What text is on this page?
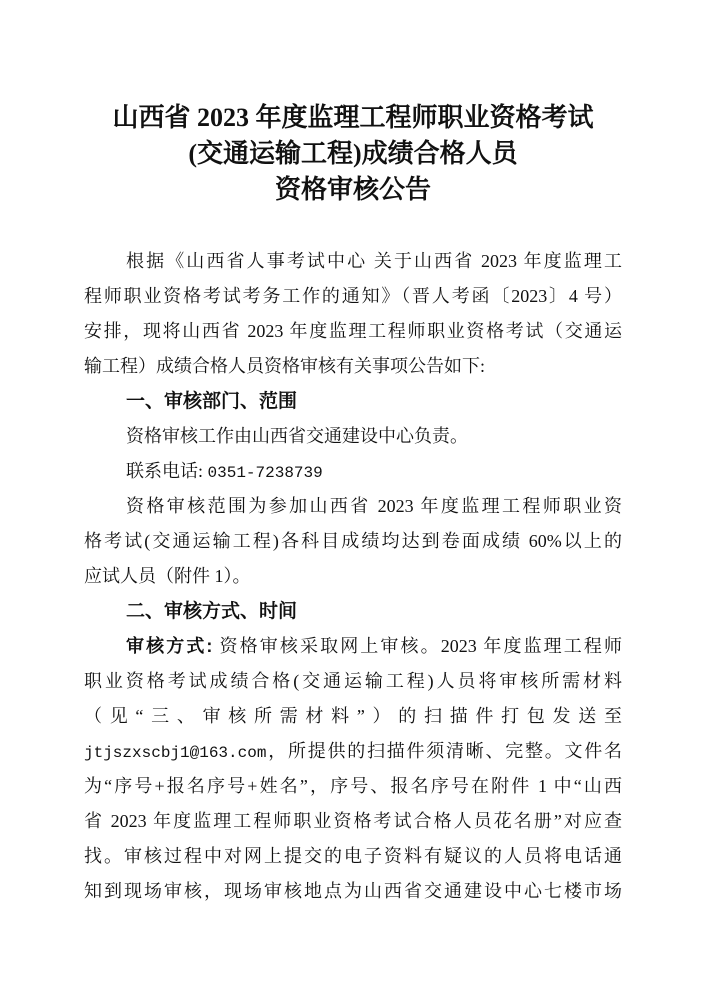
山西省 2023 年度监理工程师职业资格考试
(交通运输工程)成绩合格人员
资格审核公告
根据《山西省人事考试中心 关于山西省 2023 年度监理工
程师职业资格考试考务工作的通知》（晋人考函〔2023〕4 号）
安排，现将山西省 2023 年度监理工程师职业资格考试（交通运
输工程）成绩合格人员资格审核有关事项公告如下:
一、审核部门、范围
资格审核工作由山西省交通建设中心负责。
联系电话: 0351-7238739
资格审核范围为参加山西省 2023 年度监理工程师职业资
格考试(交通运输工程)各科目成绩均达到卷面成绩 60%以上的
应试人员（附件 1）。
二、审核方式、时间
审核方式: 资格审核采取网上审核。2023 年度监理工程师
职业资格考试成绩合格(交通运输工程)人员将审核所需材料
（见“三、审核所需材料”）的扫描件打包发送至
jtjszxscbj1@163.com，所提供的扫描件须清晰、完整。文件名
为“序号+报名序号+姓名”，序号、报名序号在附件 1 中“山西
省 2023 年度监理工程师职业资格考试合格人员花名册”对应查
找。审核过程中对网上提交的电子资料有疑议的人员将电话通
知到现场审核，现场审核地点为山西省交通建设中心七楼市场
